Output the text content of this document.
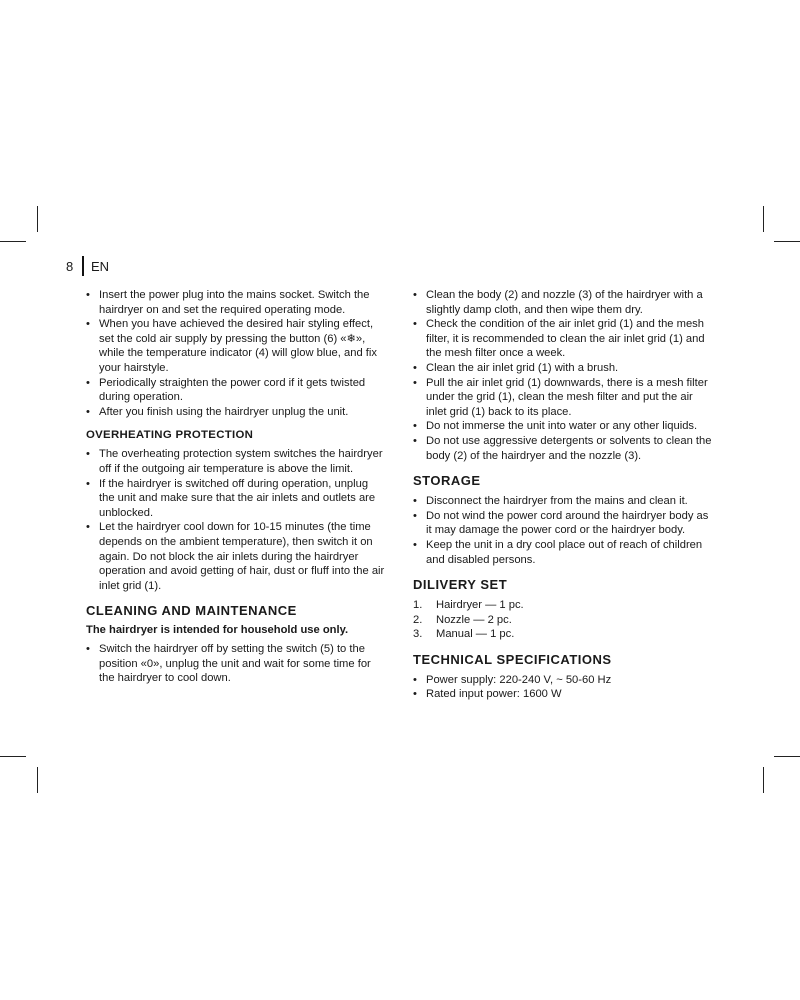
8	EN
• Insert the power plug into the mains socket. Switch the hairdryer on and set the required operating mode.
• When you have achieved the desired hair styling effect, set the cold air supply by pressing the button (6) «❄», while the temperature indicator (4) will glow blue, and fix your hairstyle.
• Periodically straighten the power cord if it gets twisted during operation.
• After you finish using the hairdryer unplug the unit.
OVERHEATING PROTECTION
• The overheating protection system switches the hairdryer off if the outgoing air temperature is above the limit.
• If the hairdryer is switched off during operation, unplug the unit and make sure that the air inlets and outlets are unblocked.
• Let the hairdryer cool down for 10-15 minutes (the time depends on the ambient temperature), then switch it on again. Do not block the air inlets during the hairdryer operation and avoid getting of hair, dust or fluff into the air inlet grid (1).
CLEANING AND MAINTENANCE

The hairdryer is intended for household use only.

• Switch the hairdryer off by setting the switch (5) to the position «0», unplug the unit and wait for some time for the hairdryer to cool down.
• Clean the body (2) and nozzle (3) of the hairdryer with a slightly damp cloth, and then wipe them dry.
• Check the condition of the air inlet grid (1) and the mesh filter, it is recommended to clean the air inlet grid (1) and the mesh filter once a week.
• Clean the air inlet grid (1) with a brush.
• Pull the air inlet grid (1) downwards, there is a mesh filter under the grid (1), clean the mesh filter and put the air inlet grid (1) back to its place.
• Do not immerse the unit into water or any other liquids.
• Do not use aggressive detergents or solvents to clean the body (2) of the hairdryer and the nozzle (3).
STORAGE
• Disconnect the hairdryer from the mains and clean it.
• Do not wind the power cord around the hairdryer body as it may damage the power cord or the hairdryer body.
• Keep the unit in a dry cool place out of reach of children and disabled persons.
DILIVERY SET
1.	Hairdryer — 1 pc.
2.	Nozzle — 2 pc.
3.	Manual — 1 pc.
TECHNICAL SPECIFICATIONS
• Power supply: 220-240 V, ~ 50-60 Hz
• Rated input power: 1600 W
